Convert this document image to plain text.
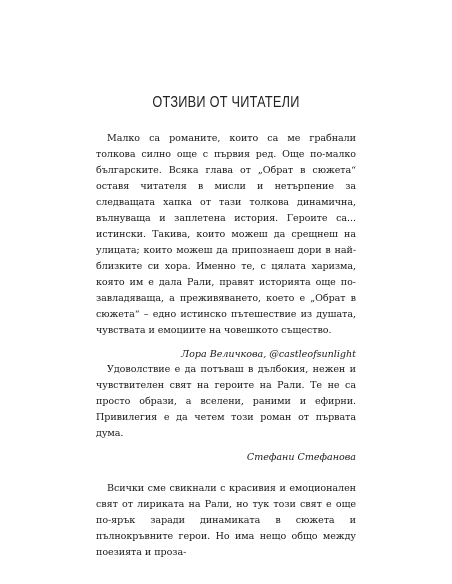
ОТЗИВИ ОТ ЧИТАТЕЛИ

Малко са романите, които са ме грабнали толкова силно още с първия ред. Още по-малко българските. Всяка глава от „Обрат в сюжета“ оставя читателя в мисли и нетърпение за следващата хапка от тази толкова динамична, вълнуваща и заплетена история. Героите са... истински. Такива, които можеш да срещнеш на улицата; които можеш да припознаеш дори в най-близките си хора. Именно те, с цялата харизма, която им е дала Рали, правят историята още по-завладяваща, а преживяването, което е „Обрат в сюжета“ – едно истинско пътешествие из душата, чувствата и емоциите на човешкото същество.

Лора Величкова, @castleofsunlight

Удоволствие е да потъваш в дълбокия, нежен и чувствителен свят на героите на Рали. Те не са просто образи, а вселени, раними и ефирни. Привилегия е да четем този роман от първата дума.

Стефани Стефанова

Всички сме свикнали с красивия и емоционален свят от лириката на Рали, но тук този свят е още по-ярък заради динамиката в сюжета и пълнокръвните герои. Но има нещо общо между поезията и проза-
